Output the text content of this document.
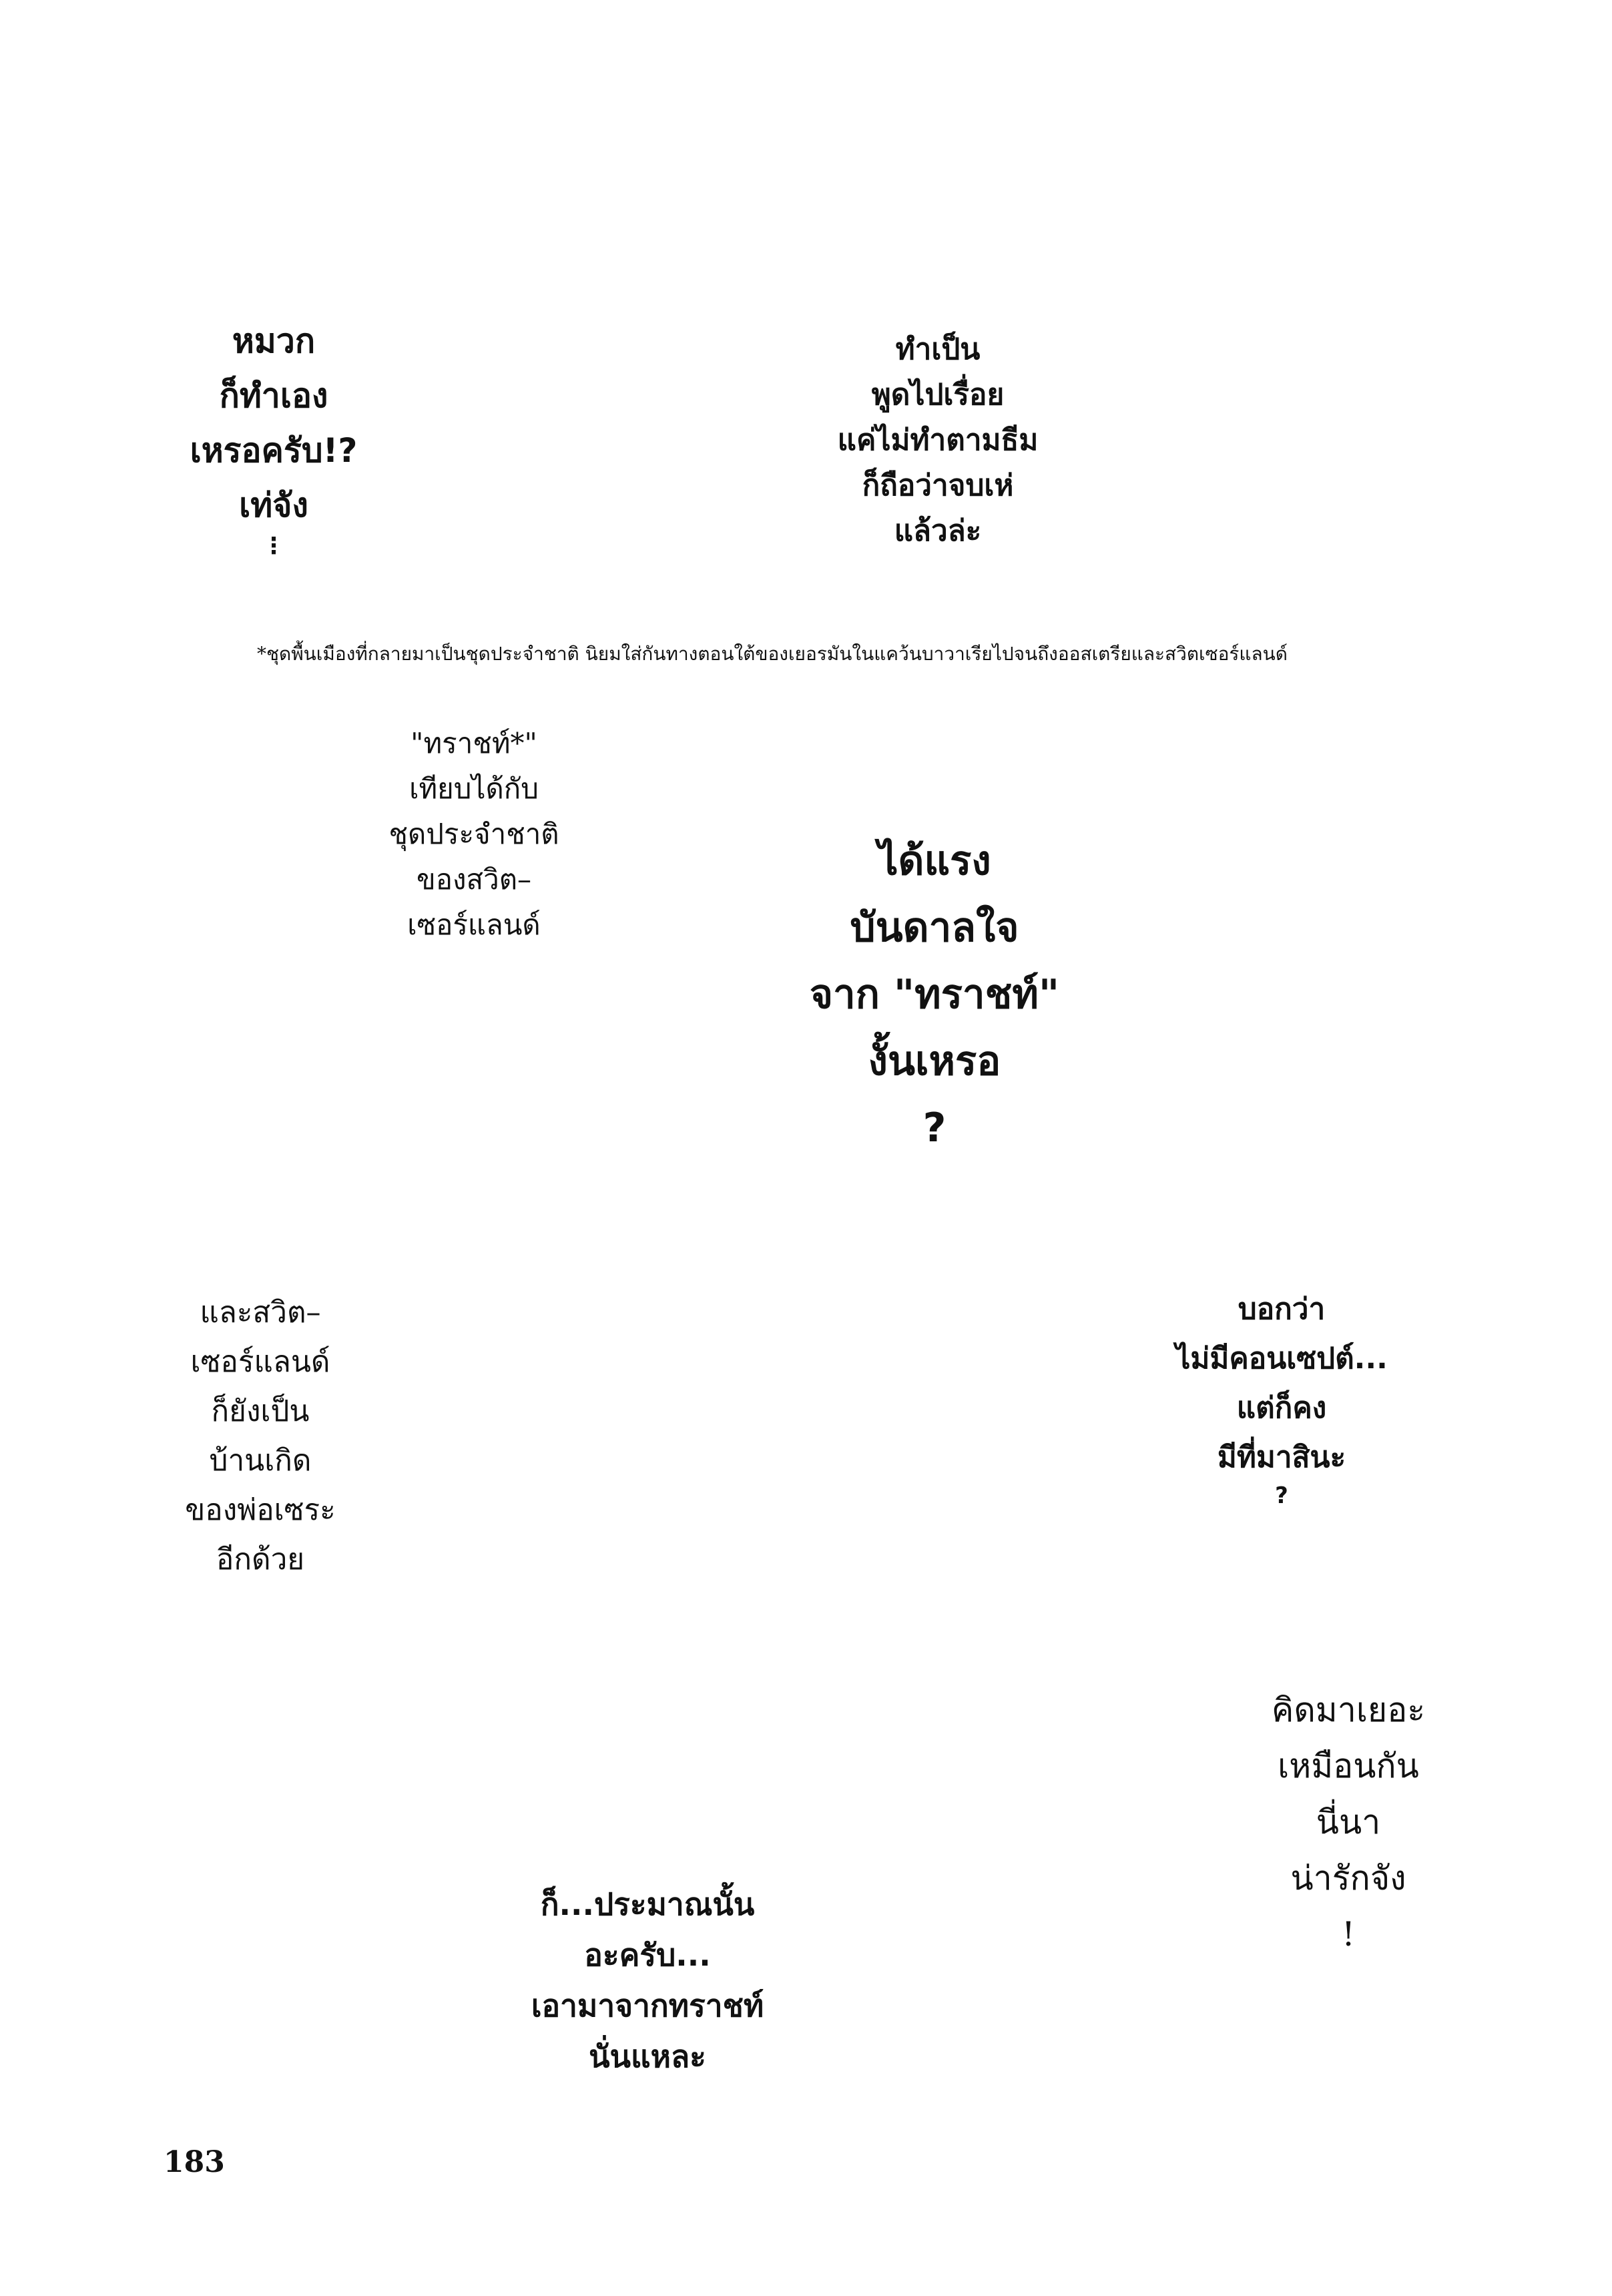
หมวก
ก็ทำเอง
เหรอครับ!?
เท่จัง
⋮
ทำเป็น
พูดไปเรื่อย
แค่ไม่ทำตามธีม
ก็ถือว่าจบเห่
แล้วล่ะ
*ชุดพื้นเมืองที่กลายมาเป็นชุดประจำชาติ นิยมใส่กันทางตอนใต้ของเยอรมันในแคว้นบาวาเรียไปจนถึงออสเตรียและสวิตเซอร์แลนด์
"ทราชท์*"
เทียบได้กับ
ชุดประจำชาติ
ของสวิต–
เซอร์แลนด์
ได้แรง
บันดาลใจ
จาก "ทราชท์"
งั้นเหรอ
?
และสวิต–
เซอร์แลนด์
ก็ยังเป็น
บ้านเกิด
ของพ่อเซระ
อีกด้วย
บอกว่า
ไม่มีคอนเซปต์...
แต่ก็คง
มีที่มาสินะ
?
คิดมาเยอะ
เหมือนกัน
นี่นา
น่ารักจัง
!
ก็...ประมาณนั้น
อะครับ...
เอามาจากทราชท์
นั่นแหละ
183
